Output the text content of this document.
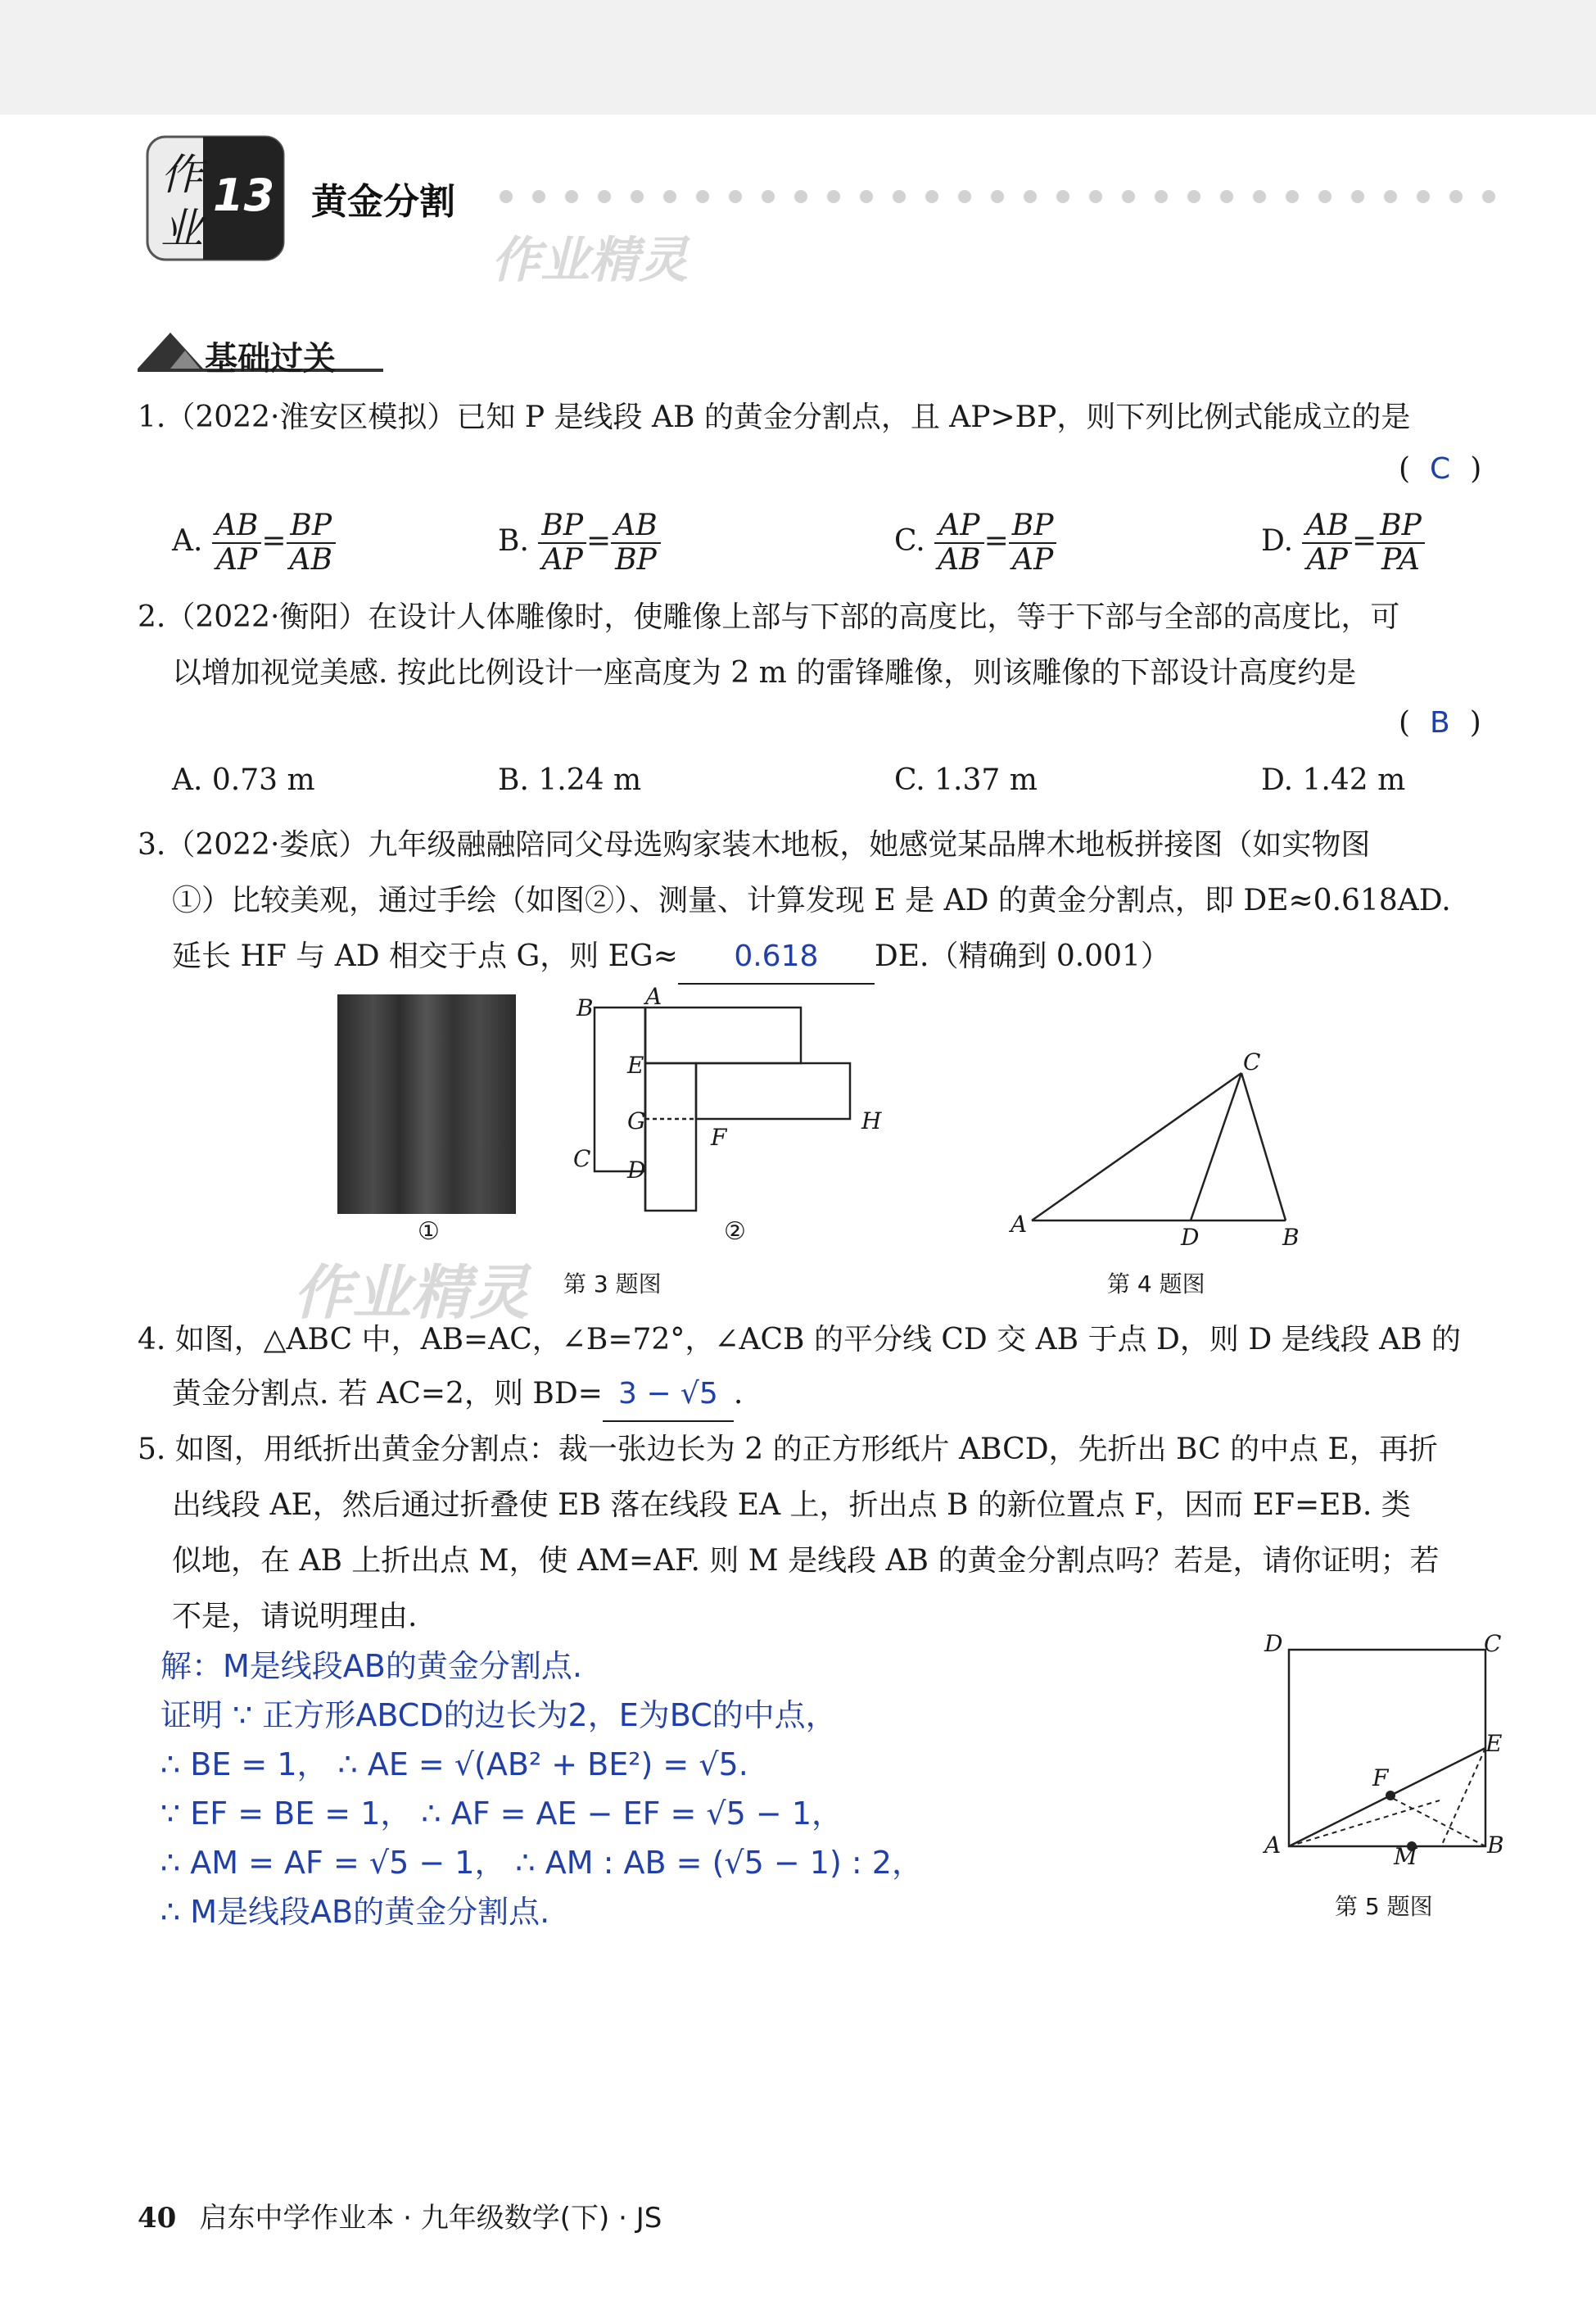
作
业
13 黄金分割
作业精灵
基础过关
1.（2022·淮安区模拟）已知 P 是线段 AB 的黄金分割点，且 AP>BP，则下列比例式能成立的是
( C )
A. $\frac{AB}{AP} = \frac{BP}{AB}$	B. $\frac{BP}{AP} = \frac{AB}{BP}$	C. $\frac{AP}{AB} = \frac{BP}{AP}$	D. $\frac{AB}{AP} = \frac{BP}{PA}$
2.（2022·衡阳）在设计人体雕像时，使雕像上部与下部的高度比，等于下部与全部的高度比，可
以增加视觉美感. 按此比例设计一座高度为 2 m 的雷锋雕像，则该雕像的下部设计高度约是
( B )
A. 0.73 m	B. 1.24 m	C. 1.37 m	D. 1.42 m
3.（2022·娄底）九年级融融陪同父母选购家装木地板，她感觉某品牌木地板拼接图（如实物图
①）比较美观，通过手绘（如图②）、测量、计算发现 E 是 AD 的黄金分割点，即 DE≈0.618AD.
延长 HF 与 AD 相交于点 G，则 EG≈ 0.618 DE.（精确到 0.001）
①
B A
E
G
F
H
C D
②
第 3 题图
作业精灵
A	D	B
C
第 4 题图
4. 如图，△ABC 中，AB=AC，∠B=72°，∠ACB 的平分线 CD 交 AB 于点 D，则 D 是线段 AB 的
黄金分割点. 若 AC=2，则 BD= 3 − √5 .
5. 如图，用纸折出黄金分割点：裁一张边长为 2 的正方形纸片 ABCD，先折出 BC 的中点 E，再折
出线段 AE，然后通过折叠使 EB 落在线段 EA 上，折出点 B 的新位置点 F，因而 EF=EB. 类
似地，在 AB 上折出点 M，使 AM=AF. 则 M 是线段 AB 的黄金分割点吗？若是，请你证明；若
不是，请说明理由.
解：M是线段AB的黄金分割点.
证明 ∵ 正方形ABCD的边长为2，E为BC的中点，
∴ BE = 1， ∴ AE = √(AB² + BE²) = √5.
∵ EF = BE = 1， ∴ AF = AE − EF = √5 − 1，
∴ AM = AF = √5 − 1， ∴ AM : AB = (√5 − 1) : 2，
∴ M是线段AB的黄金分割点.
D	C
E
F
A	M	B
第 5 题图
40 启东中学作业本 · 九年级数学(下) · JS
